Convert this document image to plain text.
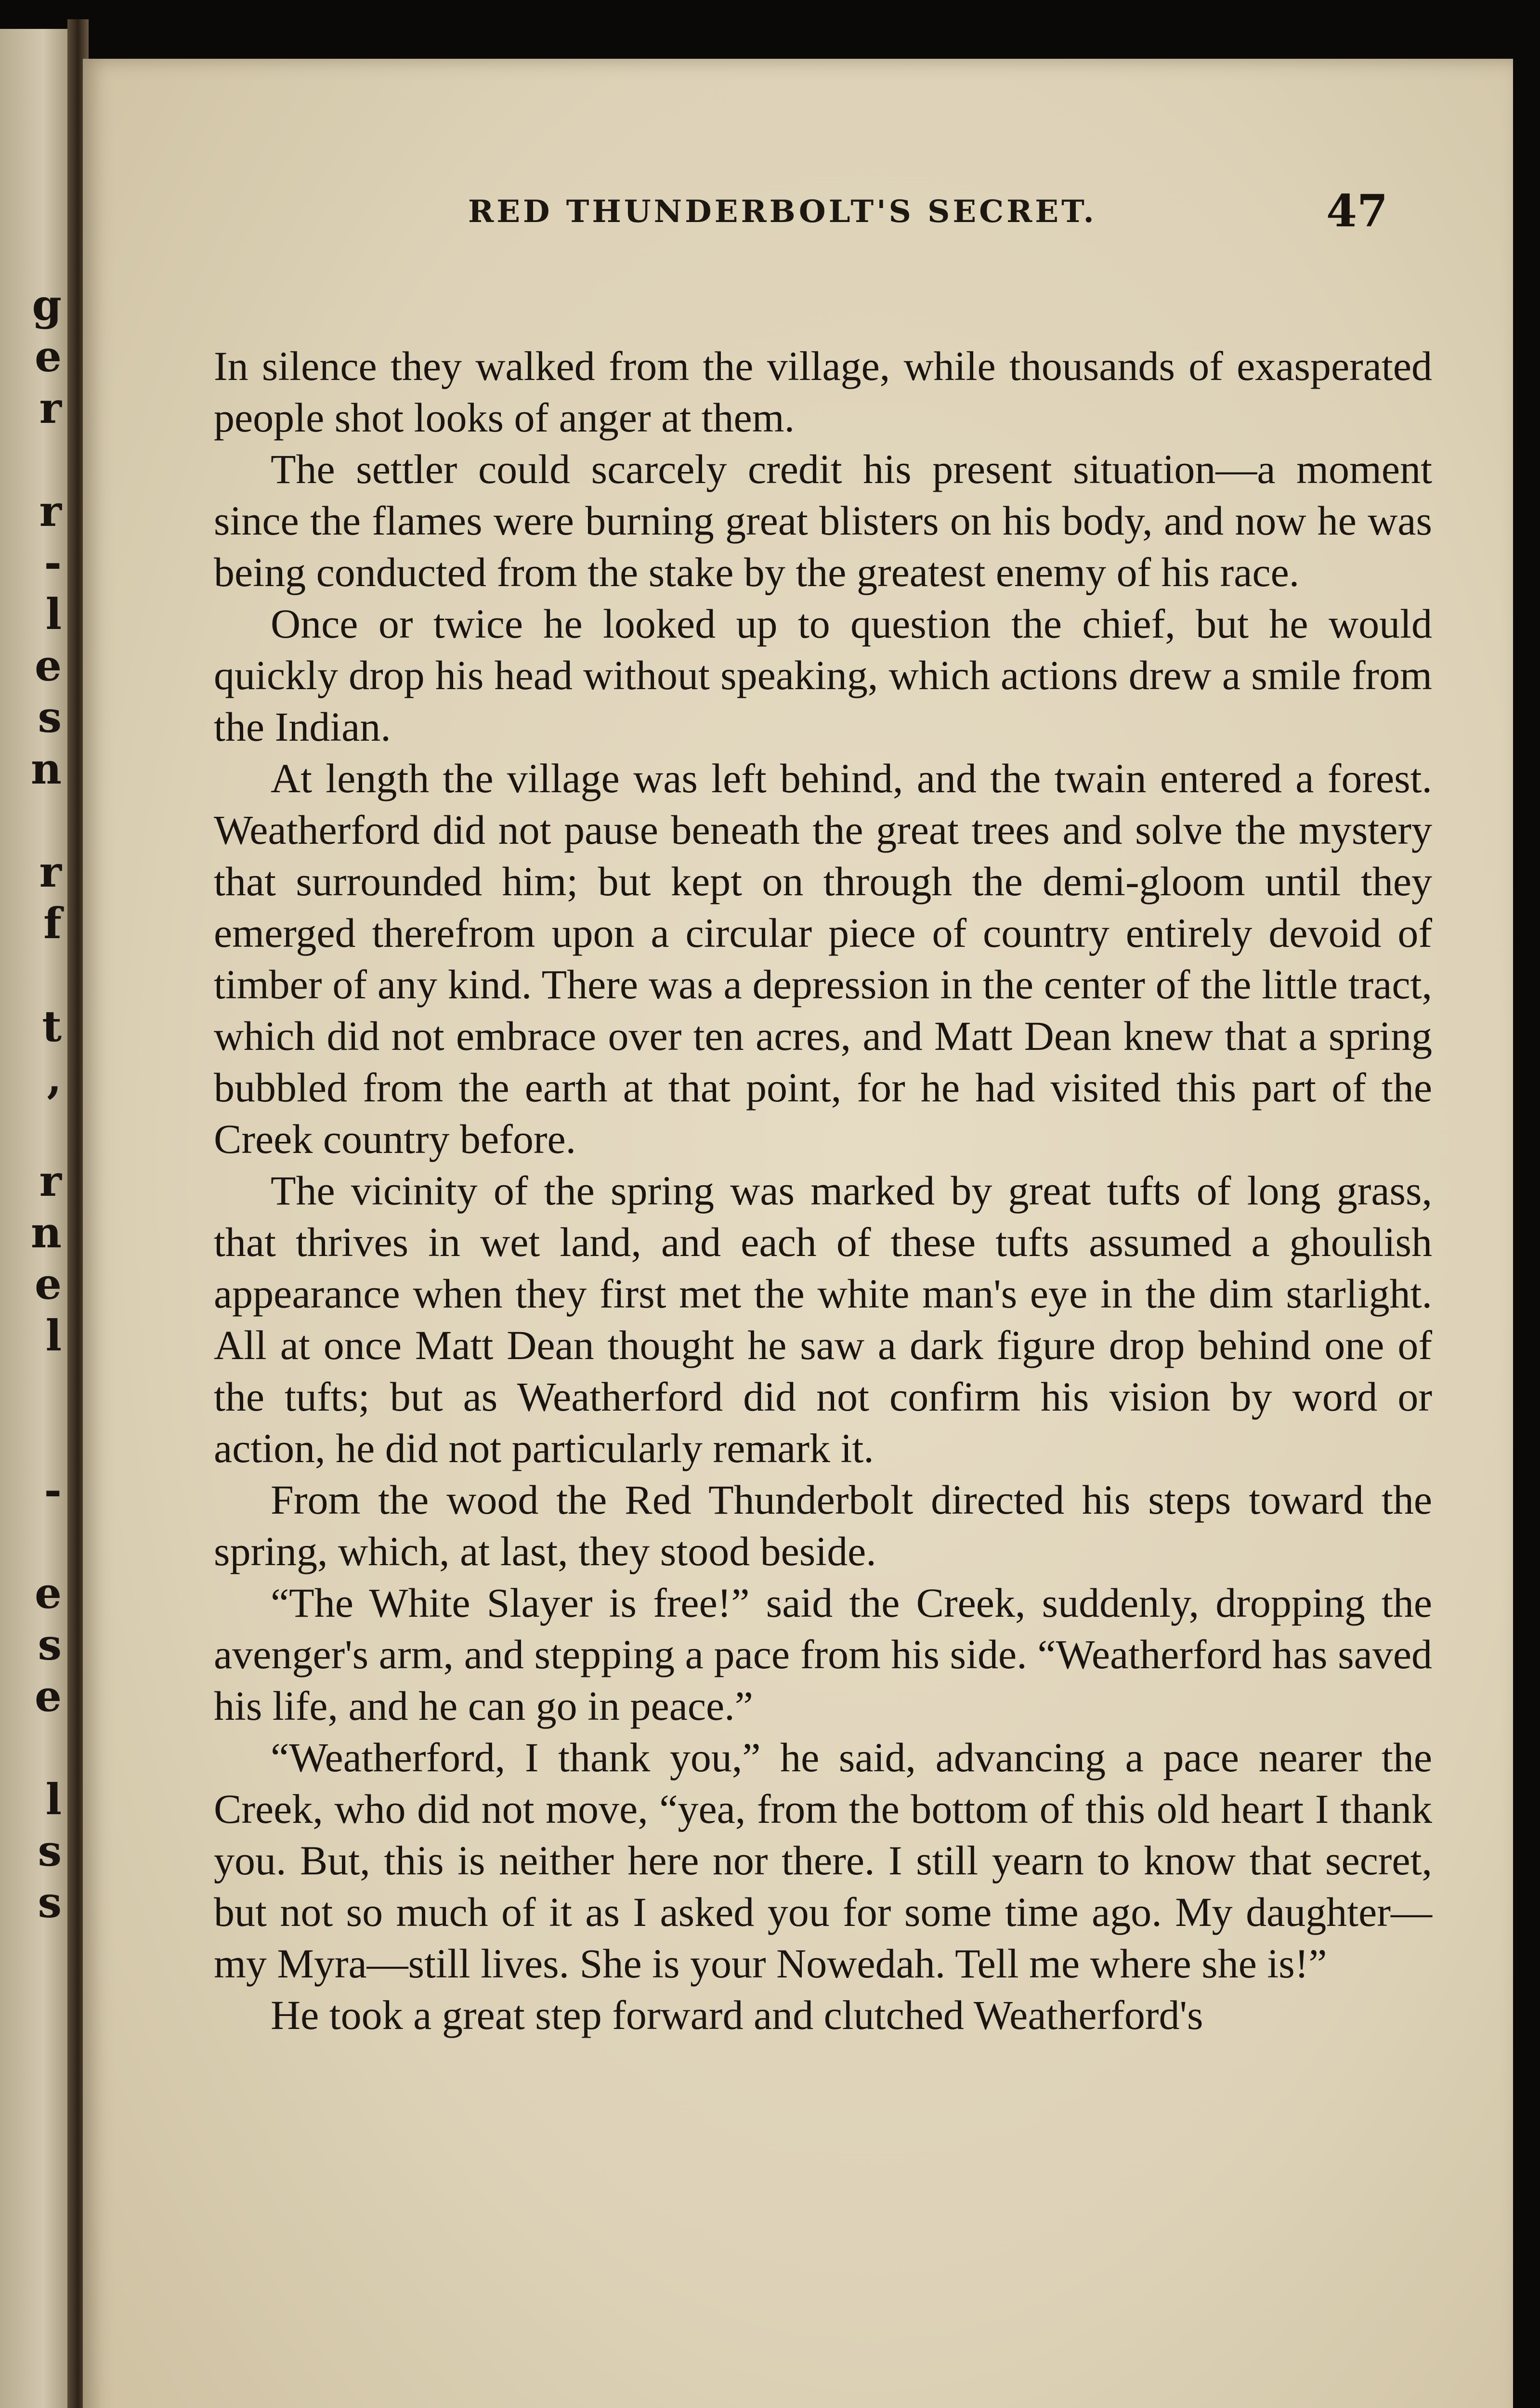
g
e
r
r
-
l
e
s
n
r
f
t
,
r
n
e
l
-
e
s
e
l
s
s
RED THUNDERBOLT'S SECRET.	47

In silence they walked from the village, while thousands of exasperated people shot looks of anger at them.

The settler could scarcely credit his present situation—a moment since the flames were burning great blisters on his body, and now he was being conducted from the stake by the greatest enemy of his race.

Once or twice he looked up to question the chief, but he would quickly drop his head without speaking, which actions drew a smile from the Indian.

At length the village was left behind, and the twain entered a forest. Weatherford did not pause beneath the great trees and solve the mystery that surrounded him; but kept on through the demi-gloom until they emerged therefrom upon a circular piece of country entirely devoid of timber of any kind. There was a depression in the center of the little tract, which did not embrace over ten acres, and Matt Dean knew that a spring bubbled from the earth at that point, for he had visited this part of the Creek country before.

The vicinity of the spring was marked by great tufts of long grass, that thrives in wet land, and each of these tufts assumed a ghoulish appearance when they first met the white man's eye in the dim starlight. All at once Matt Dean thought he saw a dark figure drop behind one of the tufts; but as Weatherford did not confirm his vision by word or action, he did not particularly remark it.

From the wood the Red Thunderbolt directed his steps toward the spring, which, at last, they stood beside.

“The White Slayer is free!” said the Creek, suddenly, dropping the avenger's arm, and stepping a pace from his side. “Weatherford has saved his life, and he can go in peace.”

“Weatherford, I thank you,” he said, advancing a pace nearer the Creek, who did not move, “yea, from the bottom of this old heart I thank you. But, this is neither here nor there. I still yearn to know that secret, but not so much of it as I asked you for some time ago. My daughter—my Myra—still lives. She is your Nowedah. Tell me where she is!”

He took a great step forward and clutched Weatherford's
